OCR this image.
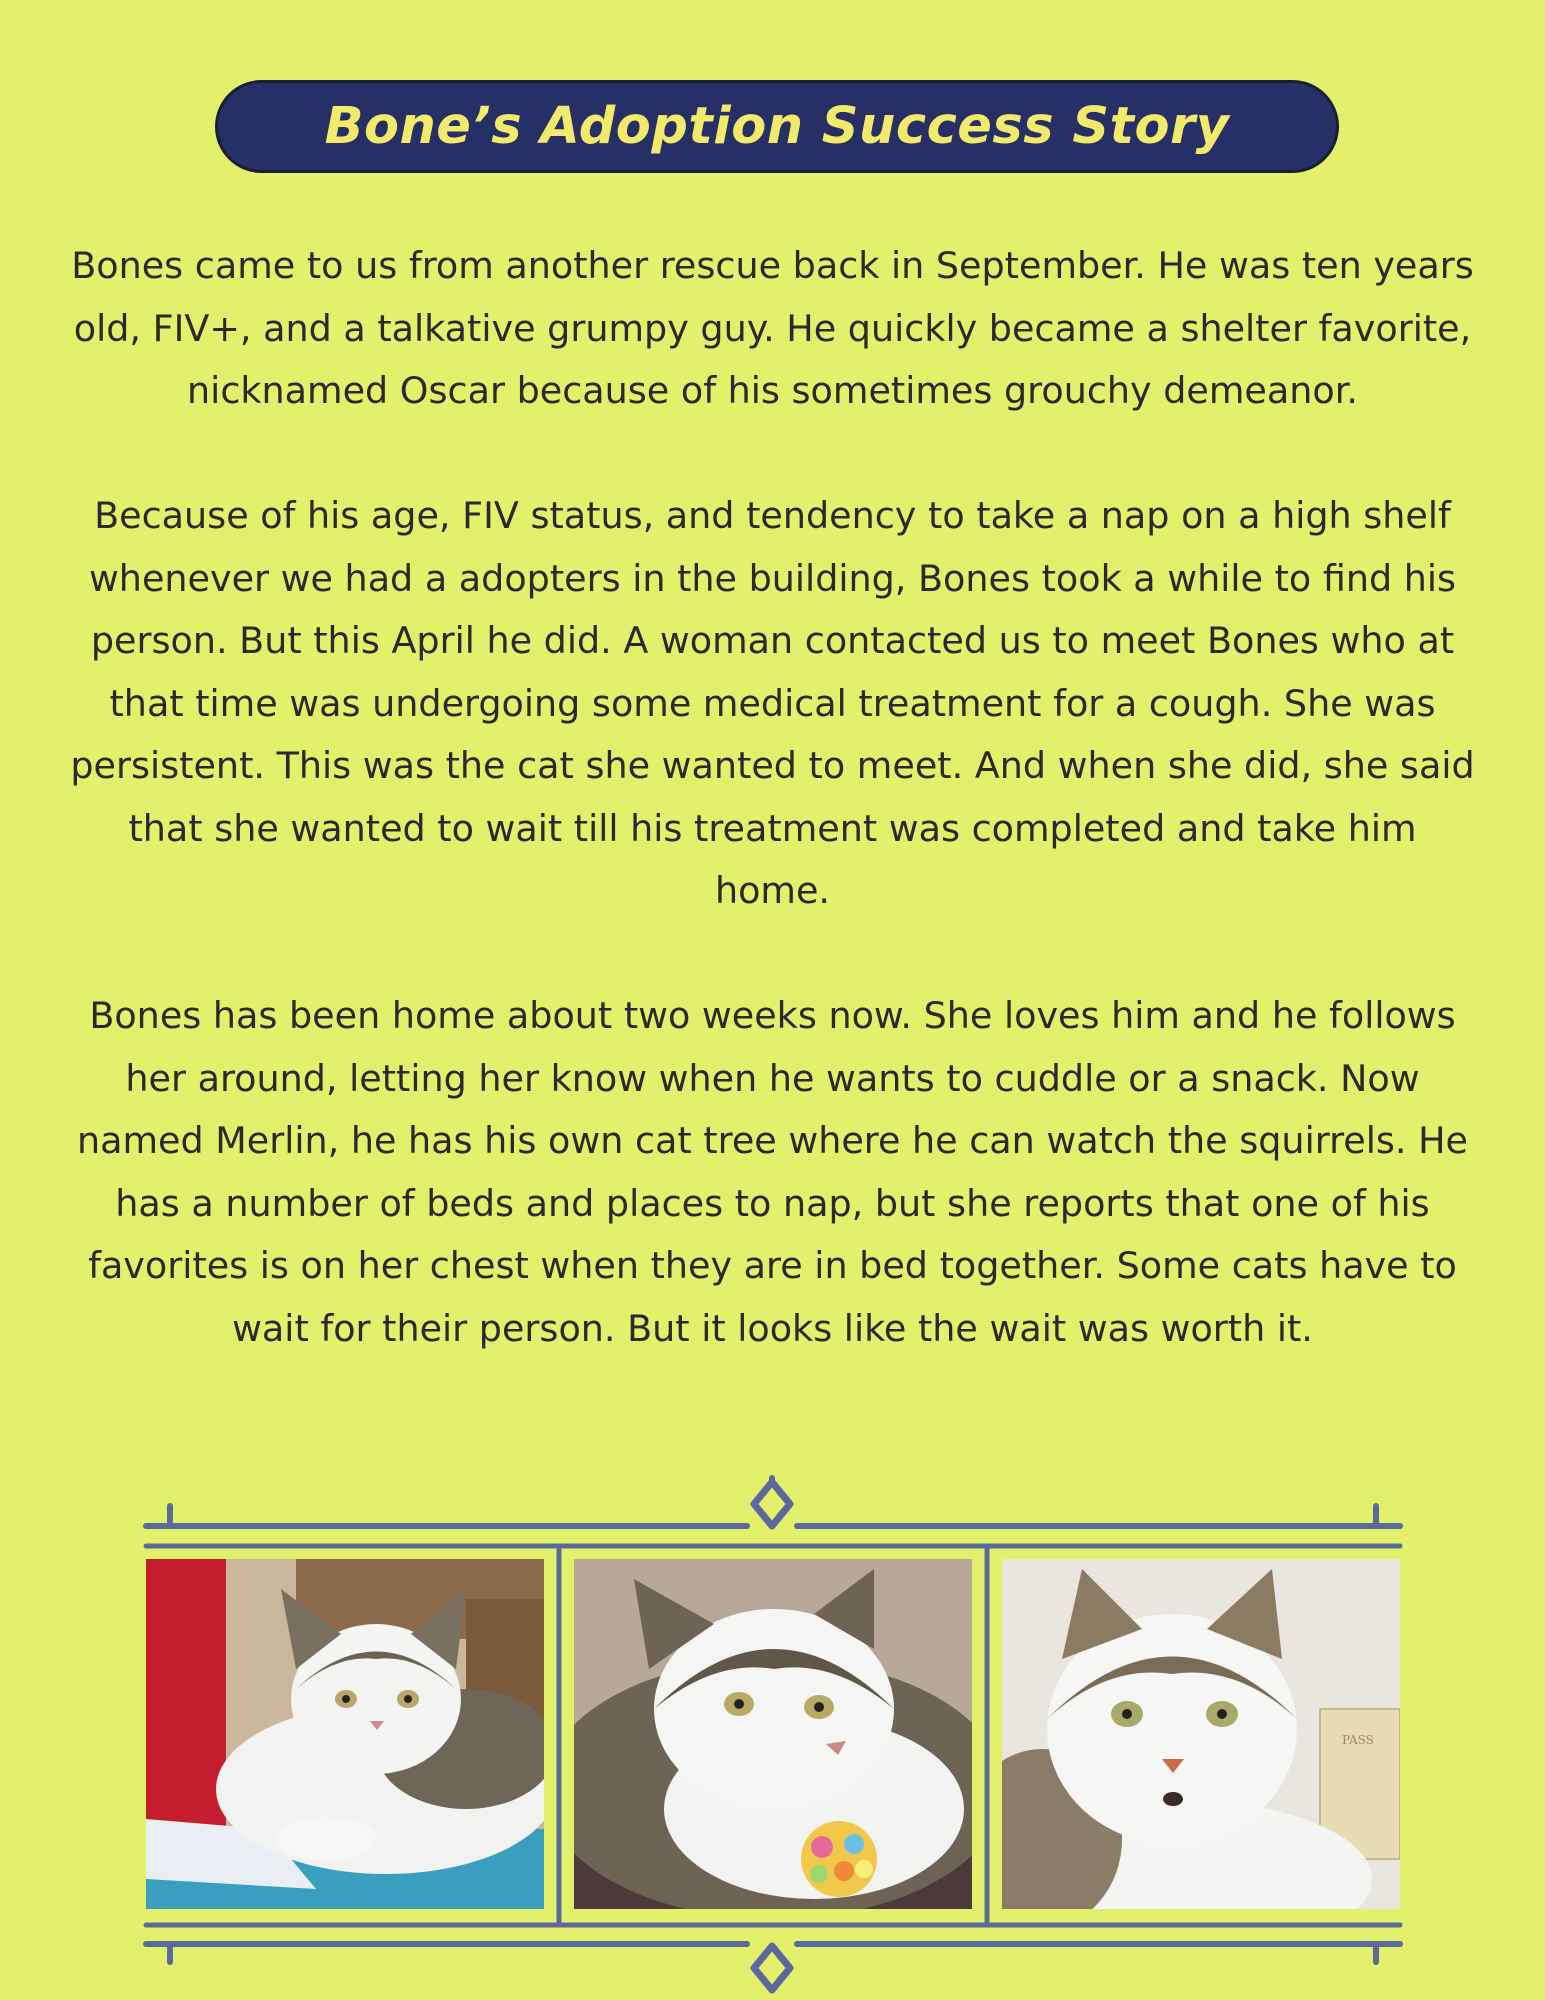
Bone’s Adoption Success Story

Bones came to us from another rescue back in September. He was ten years old, FIV+, and a talkative grumpy guy. He quickly became a shelter favorite, nicknamed Oscar because of his sometimes grouchy demeanor.

Because of his age, FIV status, and tendency to take a nap on a high shelf whenever we had a adopters in the building, Bones took a while to find his person. But this April he did. A woman contacted us to meet Bones who at that time was undergoing some medical treatment for a cough. She was persistent. This was the cat she wanted to meet. And when she did, she said that she wanted to wait till his treatment was completed and take him home.

Bones has been home about two weeks now. She loves him and he follows her around, letting her know when he wants to cuddle or a snack. Now named Merlin, he has his own cat tree where he can watch the squirrels. He has a number of beds and places to nap, but she reports that one of his favorites is on her chest when they are in bed together. Some cats have to wait for their person. But it looks like the wait was worth it.

PASS
